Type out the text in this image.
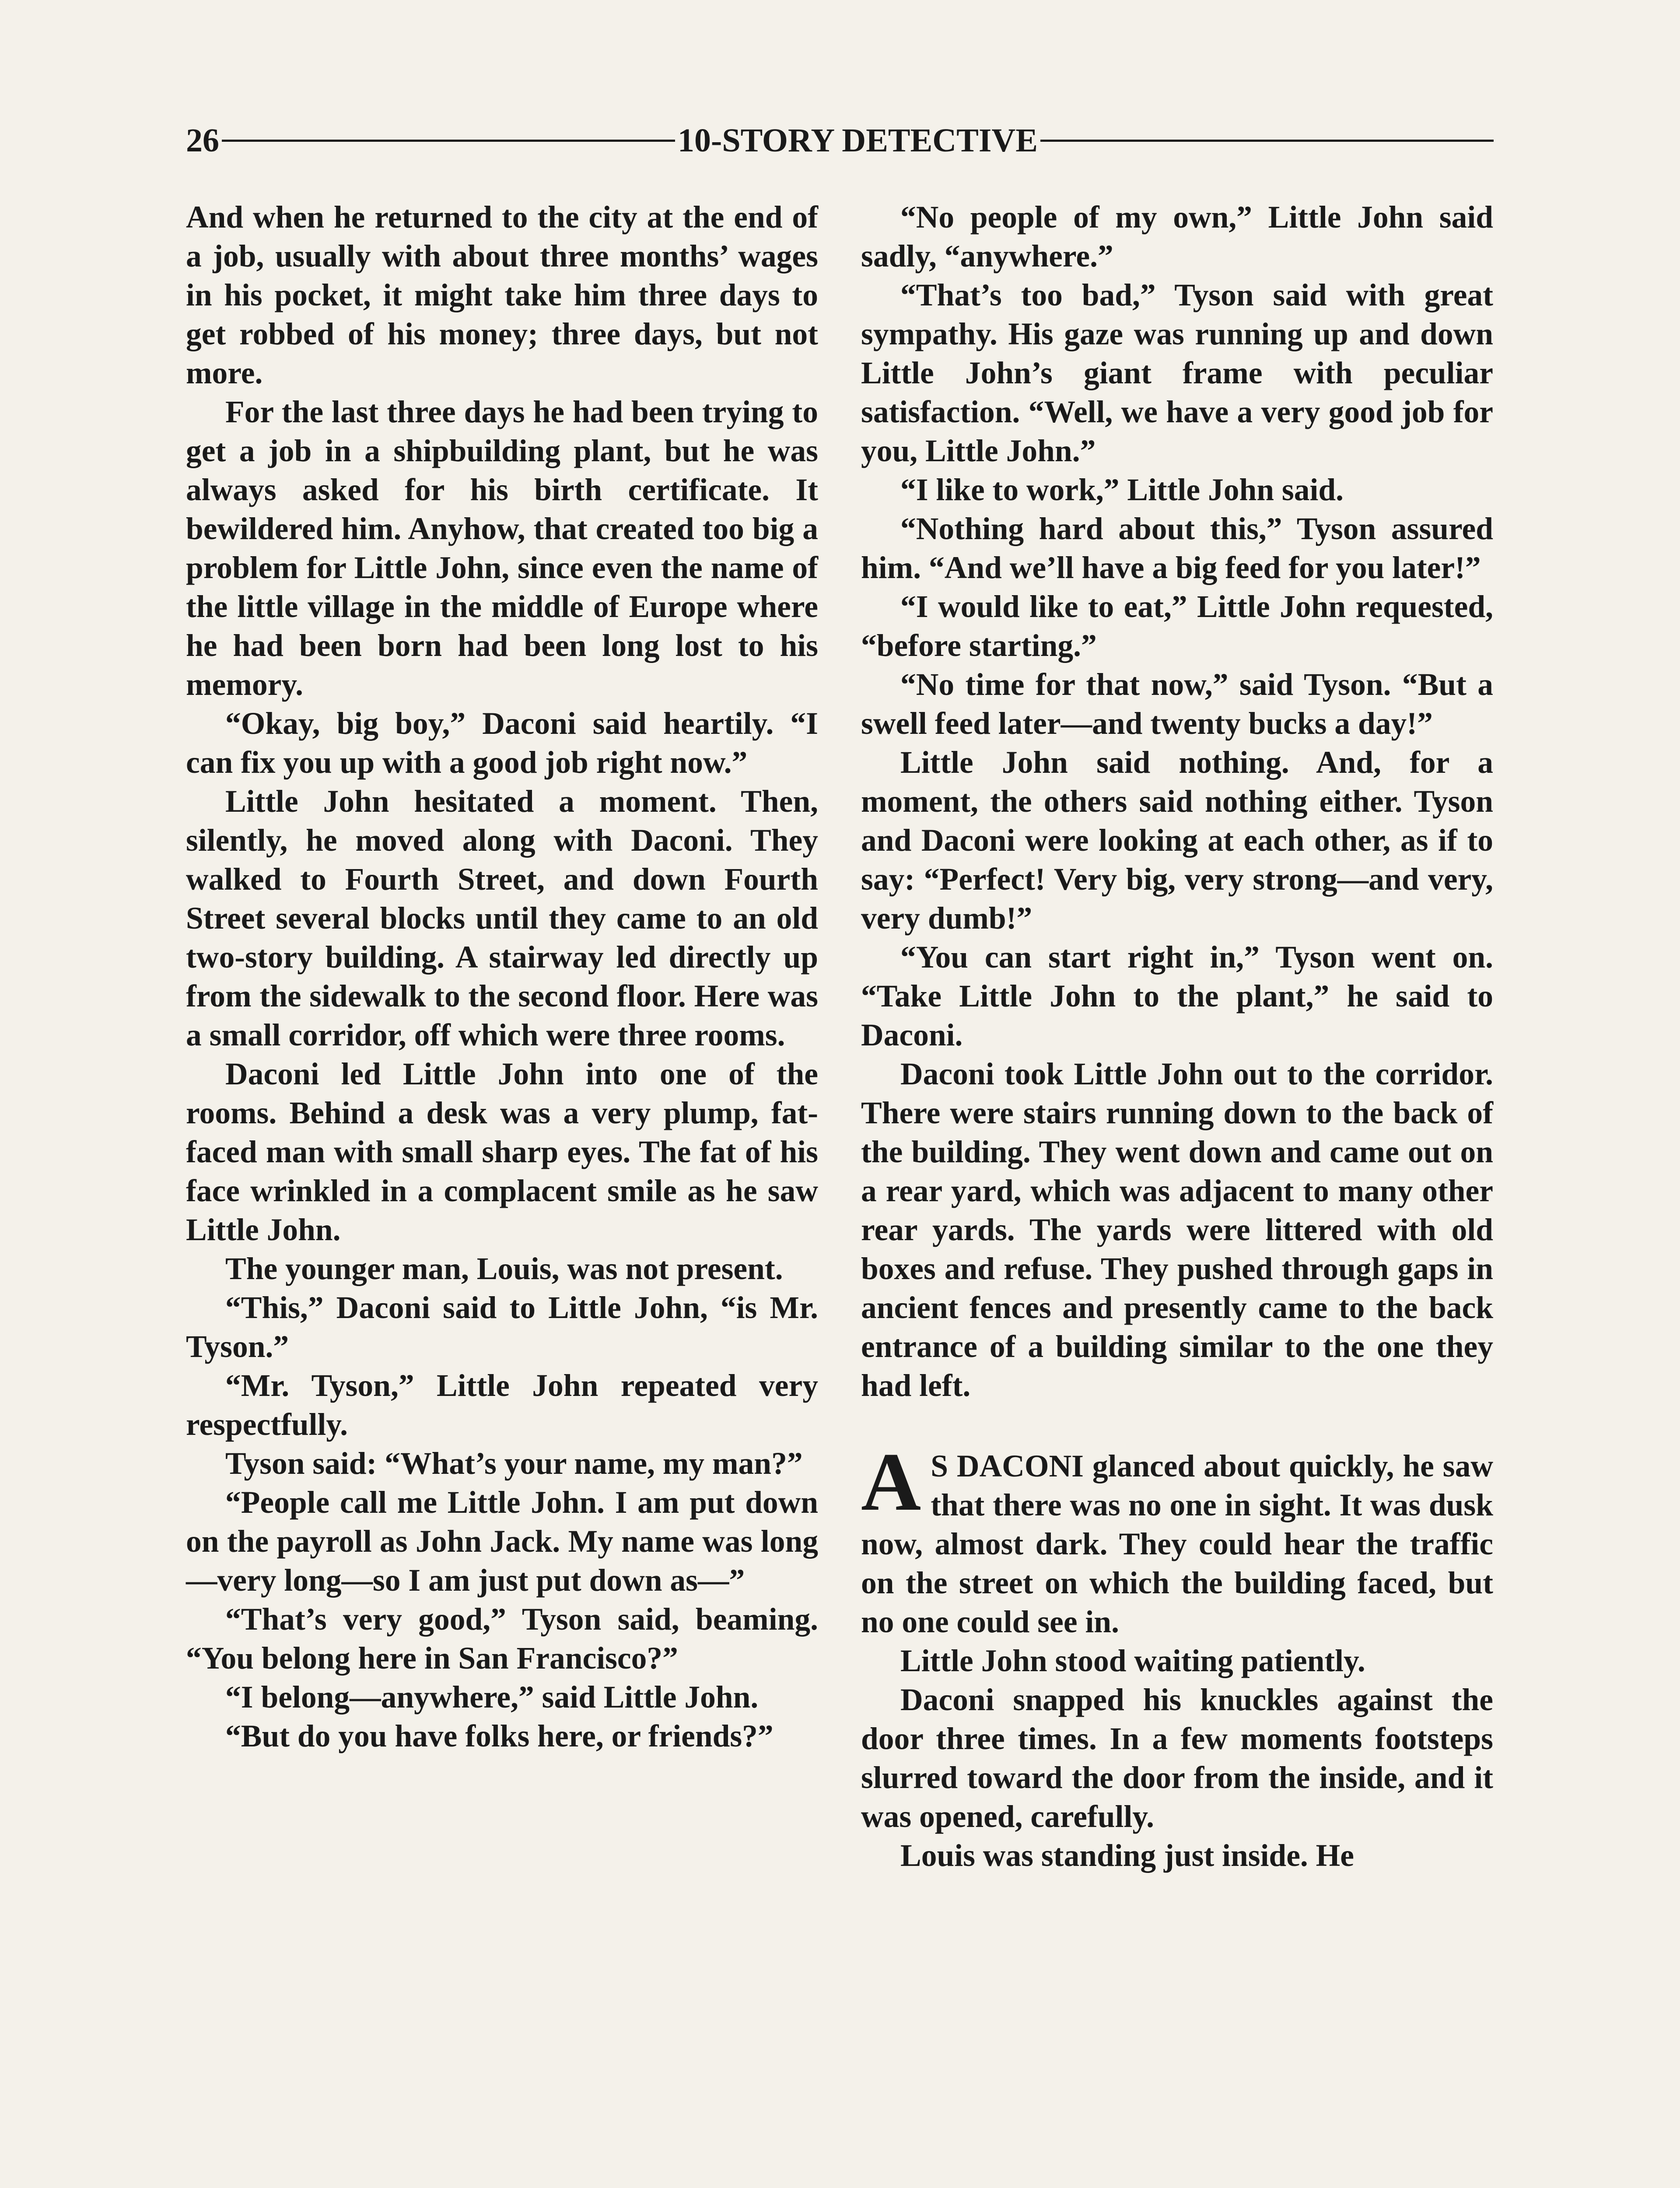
26	10-STORY DETECTIVE

And when he returned to the city at the end of a job, usually with about three months’ wages in his pocket, it might take him three days to get robbed of his money; three days, but not more.

For the last three days he had been trying to get a job in a shipbuilding plant, but he was always asked for his birth certificate. It bewildered him. Anyhow, that created too big a problem for Little John, since even the name of the little village in the middle of Europe where he had been born had been long lost to his memory.

“Okay, big boy,” Daconi said heartily. “I can fix you up with a good job right now.”

Little John hesitated a moment. Then, silently, he moved along with Daconi. They walked to Fourth Street, and down Fourth Street several blocks until they came to an old two-story building. A stairway led directly up from the sidewalk to the second floor. Here was a small corridor, off which were three rooms.

Daconi led Little John into one of the rooms. Behind a desk was a very plump, fat-faced man with small sharp eyes. The fat of his face wrinkled in a complacent smile as he saw Little John.

The younger man, Louis, was not present.

“This,” Daconi said to Little John, “is Mr. Tyson.”

“Mr. Tyson,” Little John repeated very respectfully.

Tyson said: “What’s your name, my man?”

“People call me Little John. I am put down on the payroll as John Jack. My name was long—very long—so I am just put down as—”

“That’s very good,” Tyson said, beaming. “You belong here in San Francisco?”

“I belong—anywhere,” said Little John.

“But do you have folks here, or friends?”

“No people of my own,” Little John said sadly, “anywhere.”

“That’s too bad,” Tyson said with great sympathy. His gaze was running up and down Little John’s giant frame with peculiar satisfaction. “Well, we have a very good job for you, Little John.”

“I like to work,” Little John said.

“Nothing hard about this,” Tyson assured him. “And we’ll have a big feed for you later!”

“I would like to eat,” Little John requested, “before starting.”

“No time for that now,” said Tyson. “But a swell feed later—and twenty bucks a day!”

Little John said nothing. And, for a moment, the others said nothing either. Tyson and Daconi were looking at each other, as if to say: “Perfect! Very big, very strong—and very, very dumb!”

“You can start right in,” Tyson went on. “Take Little John to the plant,” he said to Daconi.

Daconi took Little John out to the corridor. There were stairs running down to the back of the building. They went down and came out on a rear yard, which was adjacent to many other rear yards. The yards were littered with old boxes and refuse. They pushed through gaps in ancient fences and presently came to the back entrance of a building similar to the one they had left.

A S DACONI glanced about quickly, he saw that there was no one in sight. It was dusk now, almost dark. They could hear the traffic on the street on which the building faced, but no one could see in.

Little John stood waiting patiently.

Daconi snapped his knuckles against the door three times. In a few moments footsteps slurred toward the door from the inside, and it was opened, carefully.

Louis was standing just inside. He
